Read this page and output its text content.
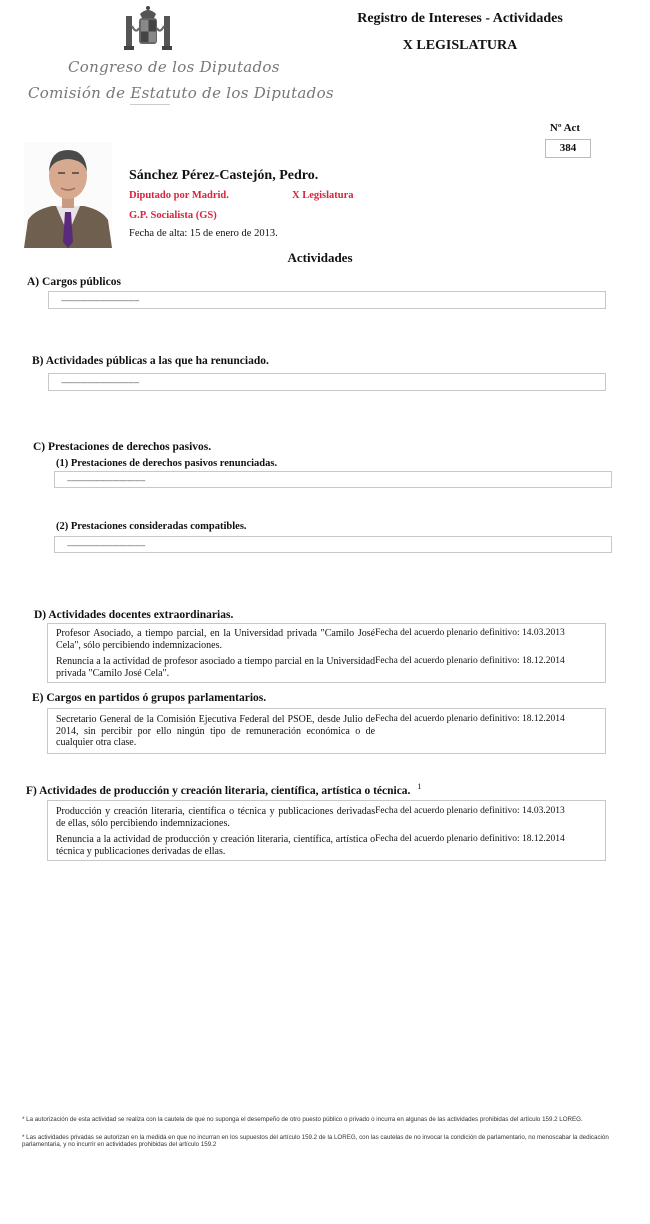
Congreso de los Diputados
Comisión de Estatuto de los Diputados
Registro de Intereses - Actividades
X LEGISLATURA
Nº Act
384
Sánchez Pérez-Castejón, Pedro.
Diputado por Madrid.	X Legislatura
G.P. Socialista (GS)
Fecha de alta: 15 de enero de 2013.
Actividades
A) Cargos públicos
------------------------------------
B) Actividades públicas a las que ha renunciado.
------------------------------------
C) Prestaciones de derechos pasivos.
(1) Prestaciones de derechos pasivos renunciadas.
------------------------------------
(2) Prestaciones consideradas compatibles.
------------------------------------
D) Actividades docentes extraordinarias.
Profesor Asociado, a tiempo parcial, en la Universidad privada "Camilo José Cela", sólo percibiendo indemnizaciones.
Fecha del acuerdo plenario definitivo: 14.03.2013
Renuncia a la actividad de profesor asociado a tiempo parcial en la Universidad privada "Camilo José Cela".
Fecha del acuerdo plenario definitivo: 18.12.2014
E) Cargos en partidos ó grupos parlamentarios.
Secretario General de la Comisión Ejecutiva Federal del PSOE, desde Julio de 2014, sin percibir por ello ningún tipo de remuneración económica o de cualquier otra clase.
Fecha del acuerdo plenario definitivo: 18.12.2014
F) Actividades de producción y creación literaria, científica, artística o técnica. $^1$
Producción y creación literaria, científica o técnica y publicaciones derivadas de ellas, sólo percibiendo indemnizaciones.
Fecha del acuerdo plenario definitivo: 14.03.2013
Renuncia a la actividad de producción y creación literaria, científica, artística o técnica y publicaciones derivadas de ellas.
Fecha del acuerdo plenario definitivo: 18.12.2014
* La autorización de esta actividad se realiza con la cautela de que no suponga el desempeño de otro puesto público o privado o incurra en algunas de las actividades prohibidas del artículo 159.2 LOREG.
* Las actividades privadas se autorizan en la medida en que no incurran en los supuestos del artículo 159.2 de la LOREG, con las cautelas de no invocar la condición de parlamentario, no menoscabar la dedicación parlamentaria, y no incurrir en actividades prohibidas del artículo 159.2
